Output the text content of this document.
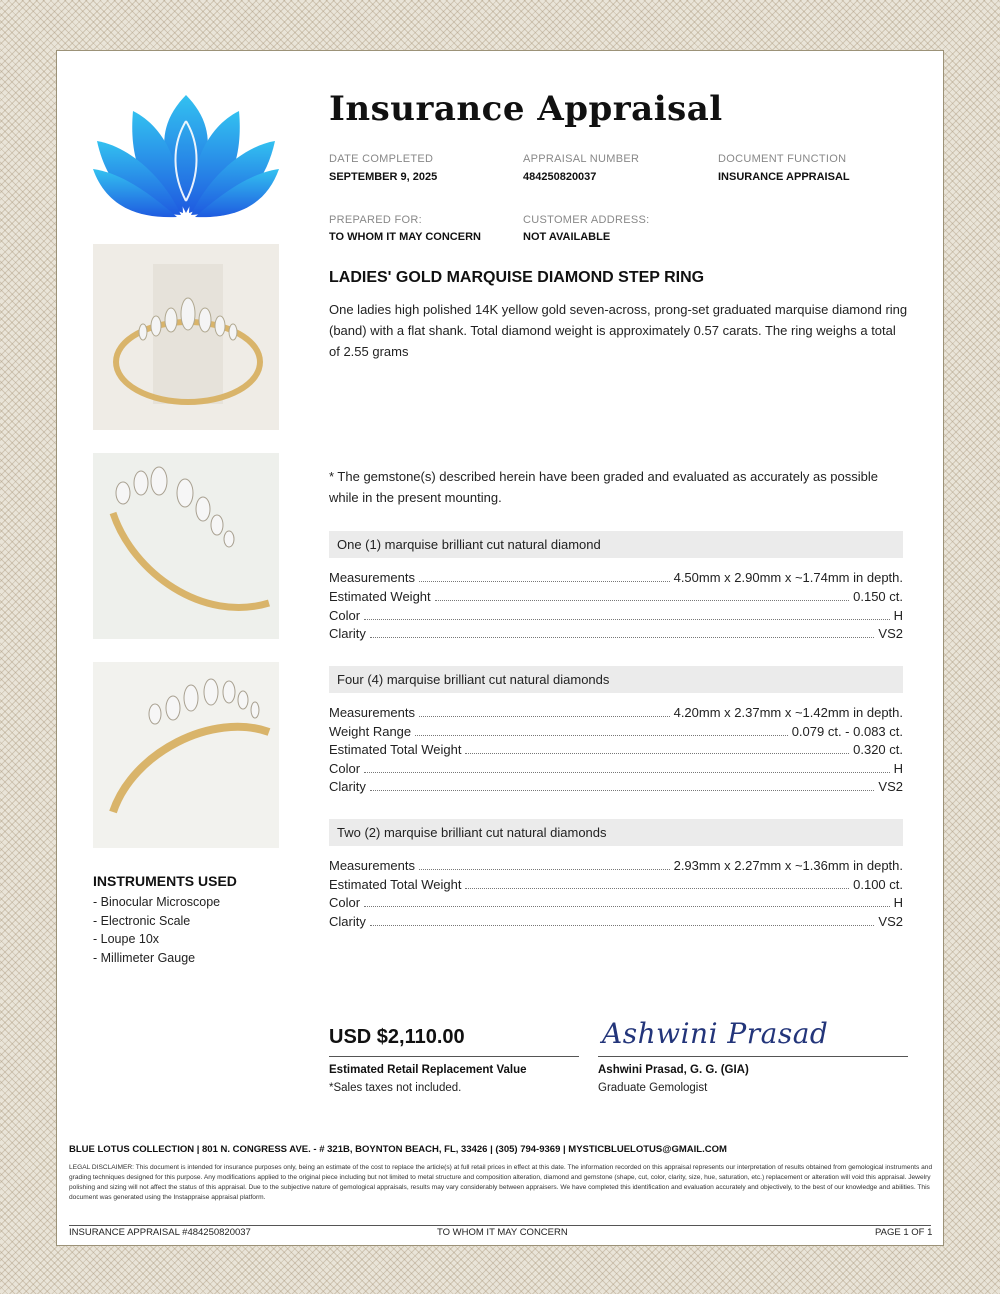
Insurance Appraisal
DATE COMPLETED
SEPTEMBER 9, 2025
APPRAISAL NUMBER
484250820037
DOCUMENT FUNCTION
INSURANCE APPRAISAL
PREPARED FOR:
TO WHOM IT MAY CONCERN
CUSTOMER ADDRESS:
NOT AVAILABLE
LADIES' GOLD MARQUISE DIAMOND STEP RING
One ladies high polished 14K yellow gold seven-across, prong-set graduated marquise diamond ring (band) with a flat shank. Total diamond weight is approximately 0.57 carats. The ring weighs a total of 2.55 grams
* The gemstone(s) described herein have been graded and evaluated as accurately as possible while in the present mounting.
One (1) marquise brilliant cut natural diamond
Measurements	4.50mm x 2.90mm x ~1.74mm in depth.
Estimated Weight	0.150 ct.
Color	H
Clarity	VS2
Four (4) marquise brilliant cut natural diamonds
Measurements	4.20mm x 2.37mm x ~1.42mm in depth.
Weight Range	0.079 ct. - 0.083 ct.
Estimated Total Weight	0.320 ct.
Color	H
Clarity	VS2
Two (2) marquise brilliant cut natural diamonds
Measurements	2.93mm x 2.27mm x ~1.36mm in depth.
Estimated Total Weight	0.100 ct.
Color	H
Clarity	VS2
INSTRUMENTS USED
- Binocular Microscope
- Electronic Scale
- Loupe 10x
- Millimeter Gauge
USD $2,110.00
Estimated Retail Replacement Value
*Sales taxes not included.
Ashwini Prasad
Ashwini Prasad, G. G. (GIA)
Graduate Gemologist
BLUE LOTUS COLLECTION | 801 N. CONGRESS AVE. - # 321B, BOYNTON BEACH, FL, 33426 | (305) 794-9369 | MYSTICBLUELOTUS@GMAIL.COM
LEGAL DISCLAIMER: This document is intended for insurance purposes only, being an estimate of the cost to replace the article(s) at full retail prices in effect at this date. The information recorded on this appraisal represents our interpretation of results obtained from gemological instruments and grading techniques designed for this purpose. Any modifications applied to the original piece including but not limited to metal structure and composition alteration, diamond and gemstone (shape, cut, color, clarity, size, hue, saturation, etc.) replacement or alteration will void this appraisal. Jewelry polishing and sizing will not affect the status of this appraisal. Due to the subjective nature of gemological appraisals, results may vary considerably between appraisers. We have completed this identification and evaluation accurately and objectively, to the best of our knowledge and abilities. This document was generated using the Instappraise appraisal platform.
INSURANCE APPRAISAL #484250820037	TO WHOM IT MAY CONCERN	PAGE 1 OF 1
